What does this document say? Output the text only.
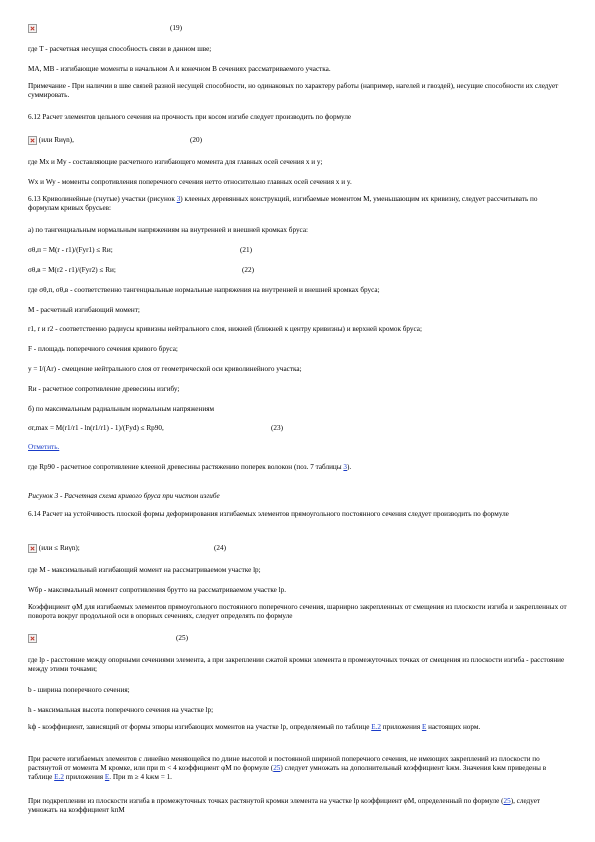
(19)
где T - расчетная несущая способность связи в данном шве;
MA, MB - изгибающие моменты в начальном A и конечном B сечениях рассматриваемого участка.
Примечание - При наличии в шве связей разной несущей способности, но одинаковых по характеру работы (например, нагелей и гвоздей), несущие способности их следует суммировать.
6.12 Расчет элементов цельного сечения на прочность при косом изгибе следует производить по формуле
(или Rиγn),	(20)
где Mx и My - составляющие расчетного изгибающего момента для главных осей сечения x и y;
Wx и Wy - моменты сопротивления поперечного сечения нетто относительно главных осей сечения x и y.
6.13 Криволинейные (гнутые) участки (рисунок 3) клееных деревянных конструкций, изгибаемые моментом M, уменьшающим их кривизну, следует рассчитывать по формулам кривых брусьев:
а) по тангенциальным нормальным напряжениям на внутренней и внешней кромках бруса:
σθ,п = M(r - r1)/(Fyr1) ≤ Rи;	(21)
σθ,в = M(r2 - r1)/(Fyr2) ≤ Rи;	(22)
где σθ,п, σθ,в - соответственно тангенциальные нормальные напряжения на внутренней и внешней кромках бруса;
M - расчетный изгибающий момент;
r1, r и r2 - соответственно радиусы кривизны нейтрального слоя, нижней (ближней к центру кривизны) и верхней кромок бруса;
F - площадь поперечного сечения кривого бруса;
y = I/(Ar) - смещение нейтрального слоя от геометрической оси криволинейного участка;
Rи - расчетное сопротивление древесины изгибу;
б) по максимальным радиальным нормальным напряжениям
σr,max = M(r1/r1 - ln(r1/r1) - 1)/(Fyd) ≤ Rp90,	(23)
Отметить.
где Rp90 - расчетное сопротивление клееной древесины растяжению поперек волокон (поз. 7 таблицы 3).
Рисунок 3 - Расчетная схема кривого бруса при чистом изгибе
6.14 Расчет на устойчивость плоской формы деформирования изгибаемых элементов прямоугольного постоянного сечения следует производить по формуле
(или ≤ Rиγn);	(24)
где M - максимальный изгибающий момент на рассматриваемом участке lp;
Wбр - максимальный момент сопротивления брутто на рассматриваемом участке lp.
Коэффициент φM для изгибаемых элементов прямоугольного постоянного поперечного сечения, шарнирно закрепленных от смещения из плоскости изгиба и закрепленных от поворота вокруг продольной оси в опорных сечениях, следует определять по формуле
(25)
где lp - расстояние между опорными сечениями элемента, а при закреплении сжатой кромки элемента в промежуточных точках от смещения из плоскости изгиба - расстояние между этими точками;
b - ширина поперечного сечения;
h - максимальная высота поперечного сечения на участке lp;
kф - коэффициент, зависящий от формы эпюры изгибающих моментов на участке lp, определяемый по таблице Е.2 приложения Е настоящих норм.
При расчете изгибаемых элементов с линейно меняющейся по длине высотой и постоянной шириной поперечного сечения, не имеющих закреплений из плоскости по растянутой от момента M кромке, или при m < 4 коэффициент φM по формуле (25) следует умножать на дополнительный коэффициент kжм. Значения kжм приведены в таблице Е.2 приложения Е. При m ≥ 4 kжм = 1.
При подкреплении из плоскости изгиба в промежуточных точках растянутой кромки элемента на участке lp коэффициент φM, определенный по формуле (25), следует умножать на коэффициент kпM
